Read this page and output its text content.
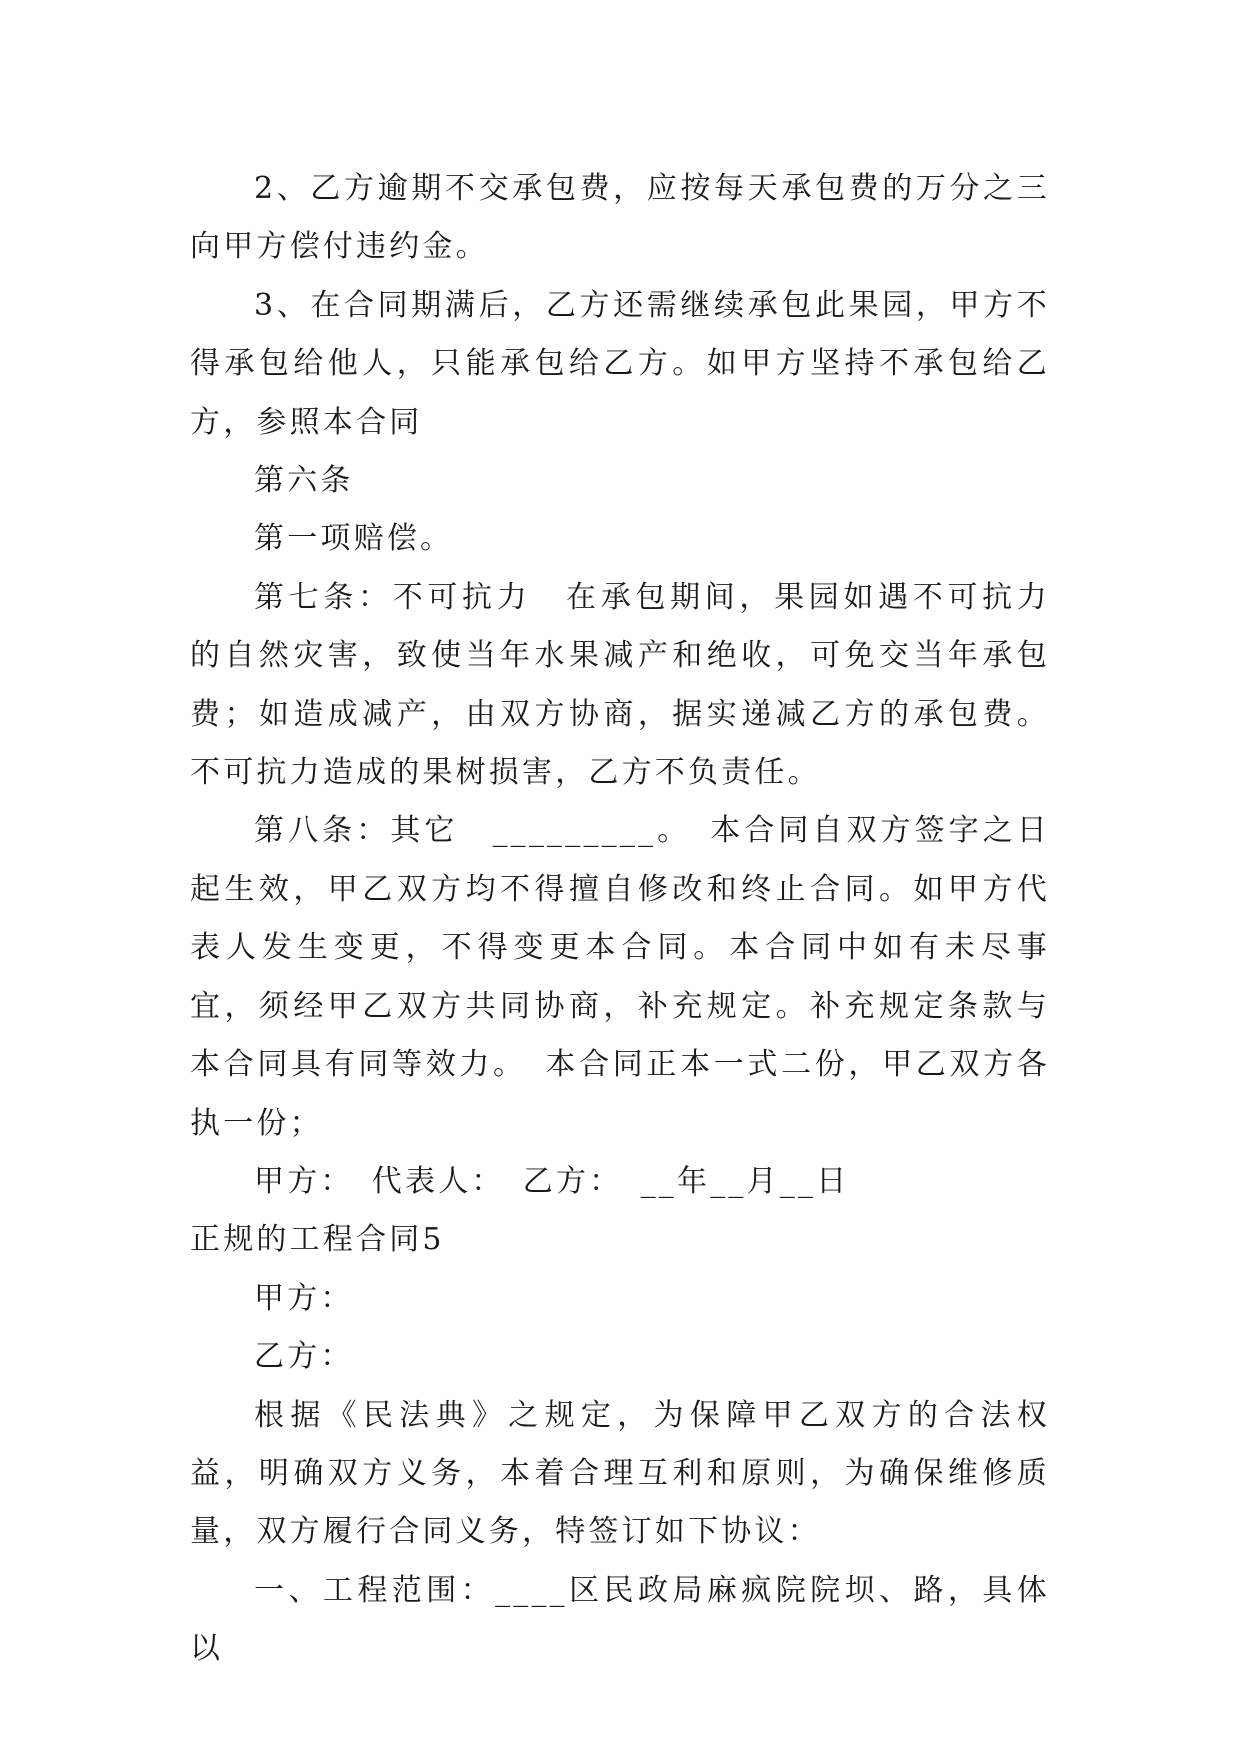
2、乙方逾期不交承包费，应按每天承包费的万分之三向甲方偿付违约金。

3、在合同期满后，乙方还需继续承包此果园，甲方不得承包给他人，只能承包给乙方。如甲方坚持不承包给乙方，参照本合同

第六条

第一项赔偿。

第七条：不可抗力　在承包期间，果园如遇不可抗力的自然灾害，致使当年水果减产和绝收，可免交当年承包费；如造成减产，由双方协商，据实递减乙方的承包费。不可抗力造成的果树损害，乙方不负责任。

第八条：其它　_________。　本合同自双方签字之日起生效，甲乙双方均不得擅自修改和终止合同。如甲方代表人发生变更，不得变更本合同。本合同中如有未尽事宜，须经甲乙双方共同协商，补充规定。补充规定条款与本合同具有同等效力。　本合同正本一式二份，甲乙双方各执一份；

甲方：　代表人：　乙方：　__年__月__日

正规的工程合同5

甲方：

乙方：

根据《民法典》之规定，为保障甲乙双方的合法权益，明确双方义务，本着合理互利和原则，为确保维修质量，双方履行合同义务，特签订如下协议：

一、工程范围：____区民政局麻疯院院坝、路，具体以
